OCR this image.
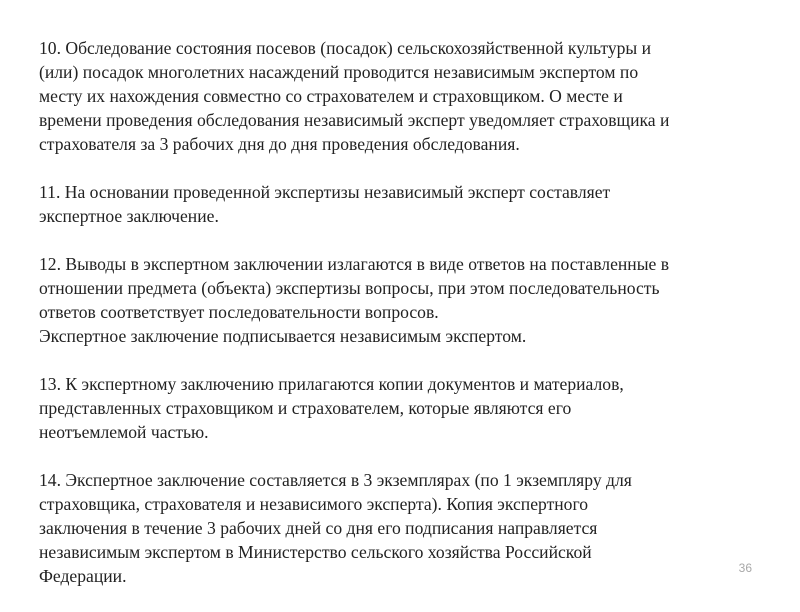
10. Обследование состояния посевов (посадок) сельскохозяйственной культуры и
(или) посадок многолетних насаждений проводится независимым экспертом по
месту их нахождения совместно со страхователем и страховщиком. О месте и
времени проведения обследования независимый эксперт уведомляет страховщика и
страхователя за 3 рабочих дня до дня проведения обследования.

11. На основании проведенной экспертизы независимый эксперт составляет
экспертное заключение.

12. Выводы в экспертном заключении излагаются в виде ответов на поставленные в
отношении предмета (объекта) экспертизы вопросы, при этом последовательность
ответов соответствует последовательности вопросов.
Экспертное заключение подписывается независимым экспертом.

13. К экспертному заключению прилагаются копии документов и материалов,
представленных страховщиком и страхователем, которые являются его
неотъемлемой частью.

14. Экспертное заключение составляется в 3 экземплярах (по 1 экземпляру для
страховщика, страхователя и независимого эксперта). Копия экспертного
заключения в течение 3 рабочих дней со дня его подписания направляется
независимым экспертом в Министерство сельского хозяйства Российской
Федерации.	36
